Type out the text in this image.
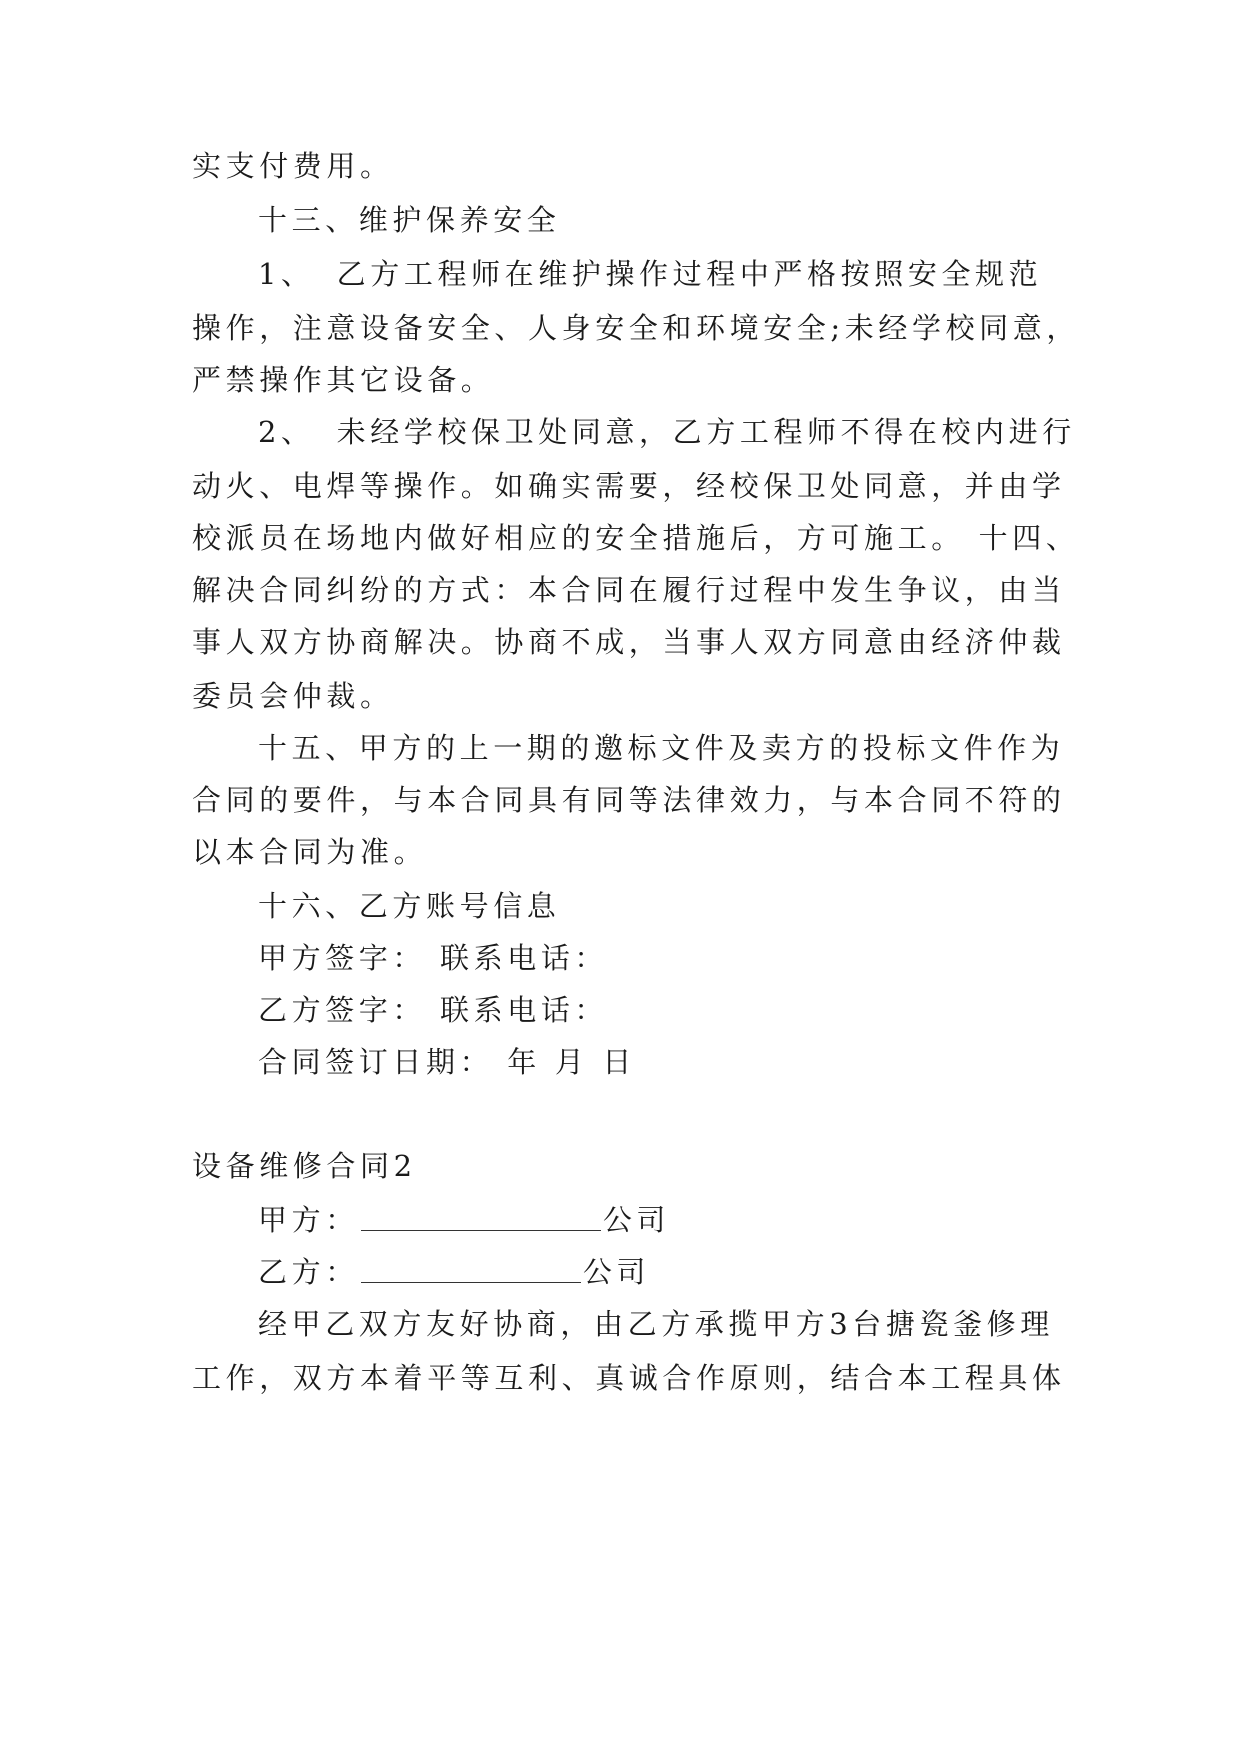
实支付费用。
十三、维护保养安全
1、 乙方工程师在维护操作过程中严格按照安全规范
操作，注意设备安全、人身安全和环境安全;未经学校同意，
严禁操作其它设备。
2、 未经学校保卫处同意，乙方工程师不得在校内进行
动火、电焊等操作。如确实需要，经校保卫处同意，并由学
校派员在场地内做好相应的安全措施后，方可施工。 十四、
解决合同纠纷的方式：本合同在履行过程中发生争议，由当
事人双方协商解决。协商不成，当事人双方同意由经济仲裁
委员会仲裁。
十五、甲方的上一期的邀标文件及卖方的投标文件作为
合同的要件，与本合同具有同等法律效力，与本合同不符的
以本合同为准。
十六、乙方账号信息
甲方签字： 联系电话：
乙方签字： 联系电话：
合同签订日期： 年 月 日
设备维修合同2
甲方：	公司
乙方：	公司
经甲乙双方友好协商，由乙方承揽甲方3台搪瓷釜修理
工作，双方本着平等互利、真诚合作原则，结合本工程具体
